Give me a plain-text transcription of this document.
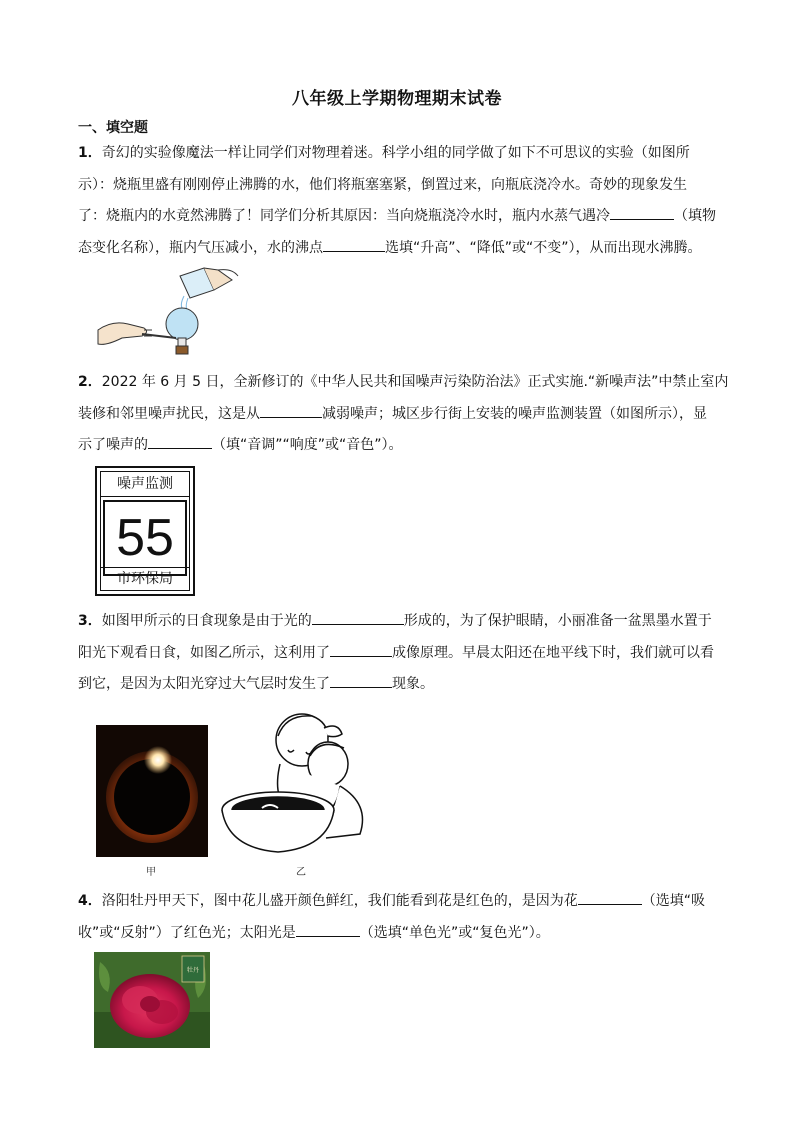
八年级上学期物理期末试卷
一、填空题
1．奇幻的实验像魔法一样让同学们对物理着迷。科学小组的同学做了如下不可思议的实验（如图所
示）：烧瓶里盛有刚刚停止沸腾的水，他们将瓶塞塞紧，倒置过来，向瓶底浇冷水。奇妙的现象发生
了：烧瓶内的水竟然沸腾了！同学们分析其原因：当向烧瓶浇冷水时，瓶内水蒸气遇冷	（填物
态变化名称），瓶内气压减小，水的沸点	选填“升高”、“降低”或“不变”），从而出现水沸腾。
2．2022 年 6 月 5 日，全新修订的《中华人民共和国噪声污染防治法》正式实施.“新噪声法”中禁止室内
装修和邻里噪声扰民，这是从	减弱噪声；城区步行街上安装的噪声监测装置（如图所示），显
示了噪声的	（填“音调”“响度”或“音色”）。
噪声监测
55
市环保局
3．如图甲所示的日食现象是由于光的	形成的，为了保护眼睛，小丽准备一盆黑墨水置于
阳光下观看日食，如图乙所示，这利用了	成像原理。早晨太阳还在地平线下时，我们就可以看
到它，是因为太阳光穿过大气层时发生了	现象。
甲	乙
4．洛阳牡丹甲天下，图中花儿盛开颜色鲜红，我们能看到花是红色的，是因为花	（选填“吸
收”或“反射”）了红色光；太阳光是	（选填“单色光”或“复色光”）。
牡丹
